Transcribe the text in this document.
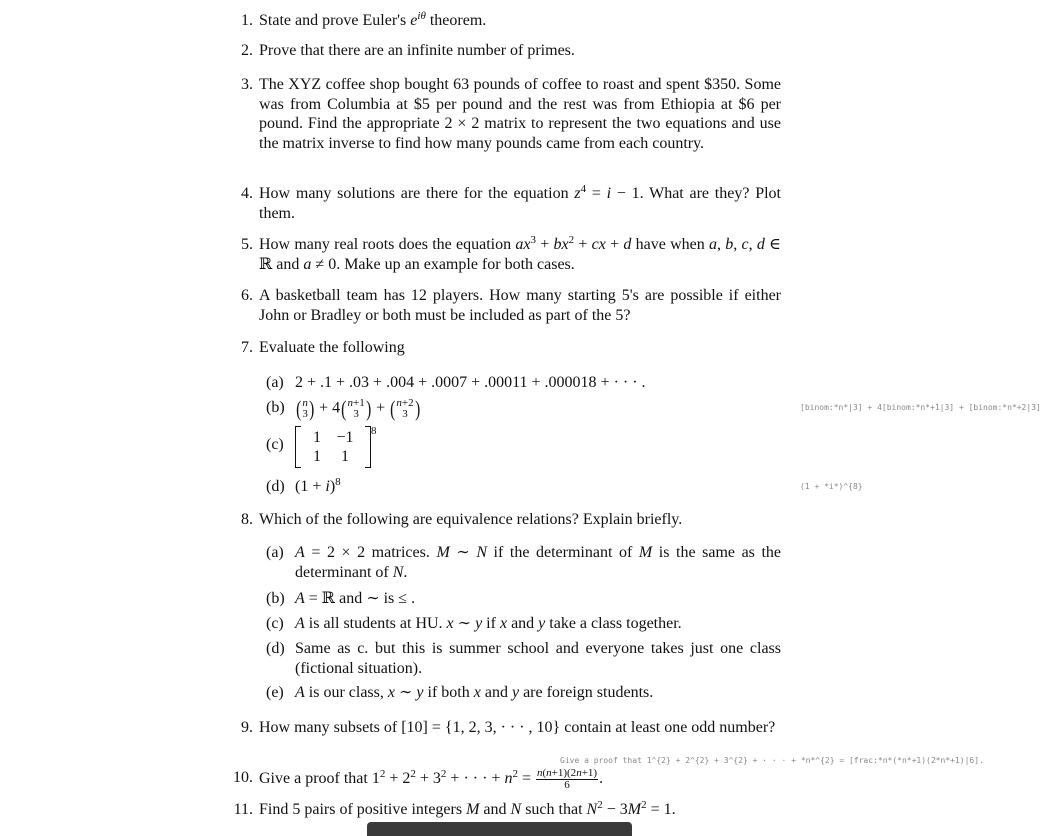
1. State and prove Euler's $e^{i\theta}$ theorem.
2. Prove that there are an infinite number of primes.
3. The XYZ coffee shop bought 63 pounds of coffee to roast and spent $350. Some was from Columbia at $5 per pound and the rest was from Ethiopia at $6 per pound. Find the appropriate 2 × 2 matrix to represent the two equations and use the matrix inverse to find how many pounds came from each country.
4. How many solutions are there for the equation $z^4 = i - 1$. What are they? Plot them.
5. How many real roots does the equation $ax^3 + bx^2$ + cx + d have when a, b, c, d ∈ ℝ and a ≠ 0. Make up an example for both cases.
6. A basketball team has 12 players. How many starting 5's are possible if either John or Bradley or both must be included as part of the 5?
7. Evaluate the following
(a) 2 + .1 + .03 + .004 + .0007 + .00011 + .000018 + · · · .
(b) ( n
3 ) + 4 ( n+1
3 ) + ( n+2
3 )	[binom:*n*|3] + 4[binom:*n*+1|3] + [binom:*n*+2|3]
(c)	1 −1
1	1
8
(d) $(1 + i)^8$	(1 + *i*)^{8}
8. Which of the following are equivalence relations? Explain briefly.
(a) A = 2 × 2 matrices. M ∼ N if the determinant of M is the same as the determinant of N.
(b) A = ℝ and ∼ is ≤ .
(c) A is all students at HU. x ∼ y if x and y take a class together.
(d) Same as c. but this is summer school and everyone takes just one class (fictional situation).
(e) A is our class, x ∼ y if both x and y are foreign students.
9. How many subsets of [10] = {1, 2, 3, · · · , 10} contain at least one odd number?
10. Give a proof that $1^2 + 2^2 + 3^2$ + · · · + $n^2 = \frac{n(n+1)(2n+1)}{6}$ .
Give a proof that 1^{2} + 2^{2} + 3^{2} + · · · + *n*^{2} = [frac:*n*(*n*+1)(2*n*+1)|6].
11. Find 5 pairs of positive integers M and N such that $N^2 - 3M^2 = 1$.
